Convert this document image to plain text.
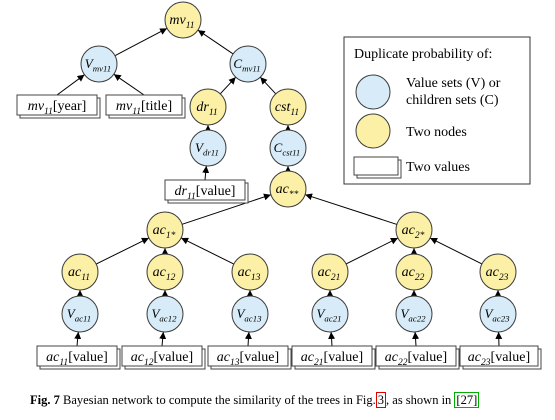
$mv_{11}[year]$ $mv_{11}[title]$
$dr_{11}[value]$
$ac_{11}[value]$ $ac_{12}[value]$ $ac_{13}[value]$ $ac_{21}[value]$ $ac_{22}[value]$ $ac_{23}[value]$
$mv_{11}$
$V_{mv11}$	$C_{mv11}$
$dr_{11}$	cst$_{11}$
$V_{dr11}$	$C_{cst11}$
$ac_{**}$
$ac_{1*}$	$ac_{2*}$
$ac_{11}$	$ac_{12}$	$ac_{13}$	$ac_{21}$	$ac_{22}$	$ac_{23}$
$V_{ac11}$	$V_{ac12}$	$V_{ac13}$	$V_{ac21}$	$V_{ac22}$	$V_{ac23}$
Duplicate probability of:
Value sets (V) or
children sets (C)
Two nodes
Two values
Fig. 7 Bayesian network to compute the similarity of the trees in Fig. 3 , as shown in [27]
